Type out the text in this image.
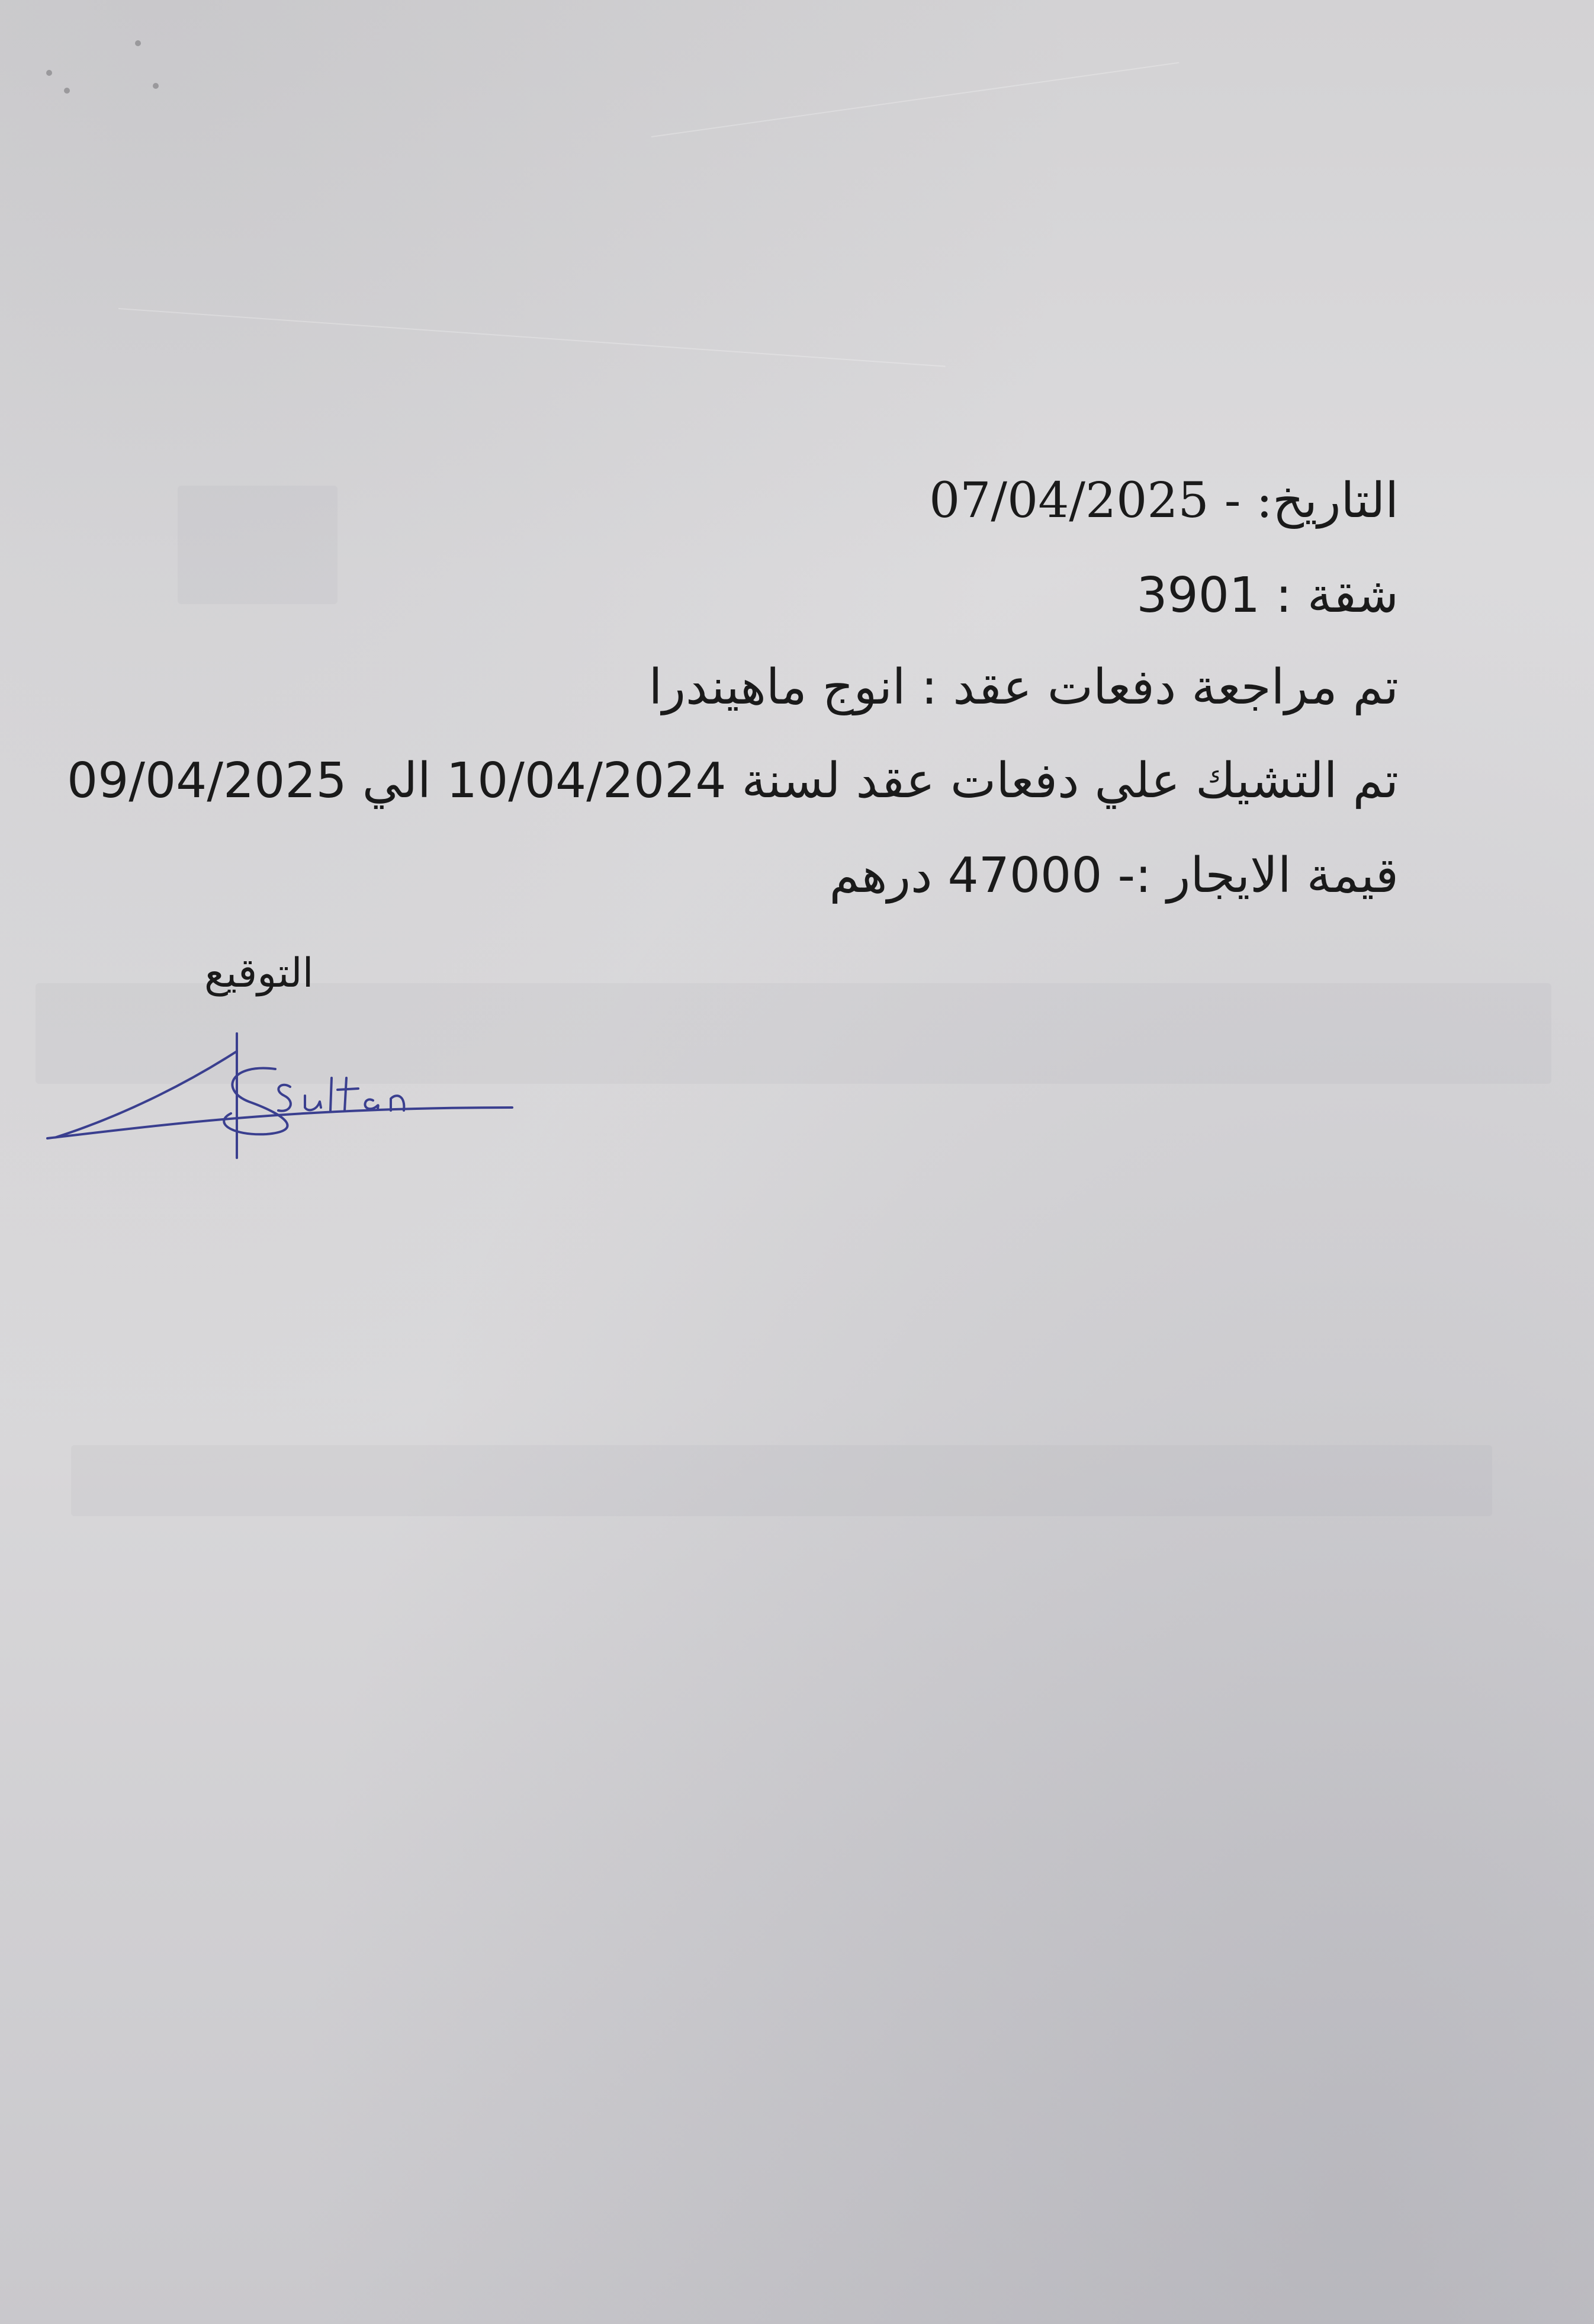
التاريخ: - 07/04/2025
شقة : 3901
تم مراجعة دفعات عقد : انوج ماهيندرا
تم التشيك علي دفعات عقد لسنة 10/04/2024 الي 09/04/2025
قيمة الايجار :- 47000 درهم
التوقيع
